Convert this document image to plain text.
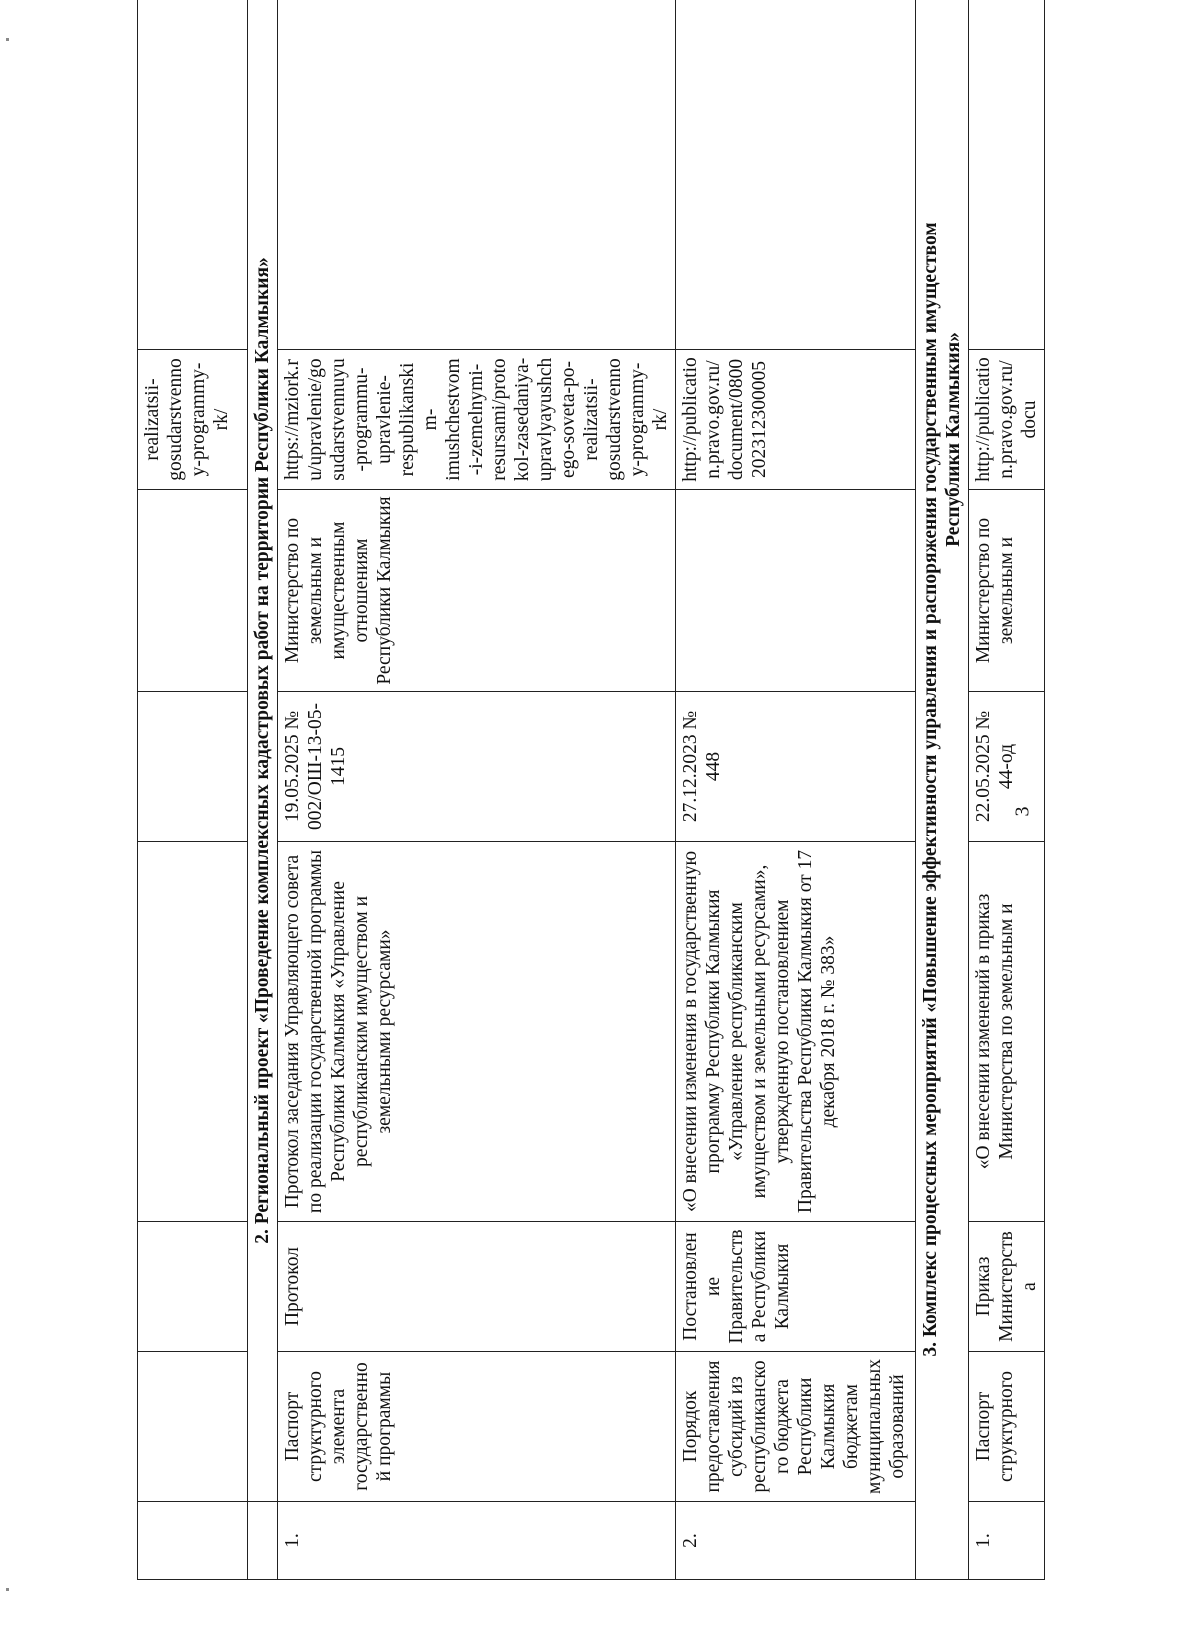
						realizatsii-gosudarstvennoy-programmy-rk/	
	2. Региональный проект «Проведение комплексных кадастровых работ на территории Республики Калмыкия»						
1.	Паспорт структурного элемента государственной программы	Протокол	Протокол заседания Управляющего совета по реализации государственной программы Республики Калмыкия «Управление республиканским имуществом и земельными ресурсами»	19.05.2025 № 002/ОШ-13-05-1415	Министерство по земельным и имущественным отношениям Республики Калмыкия	https://mziork.ru/upravlenie/gosudarstvennuyu-programmu-upravlenie-respublikanskim-imushchestvom-i-zemelnymi-resursami/protokol-zasedaniya-upravlyayushchego-soveta-po-realizatsii-gosudarstvennoy-programmy-rk/	
2.	Порядок предоставления субсидий из республиканского бюджета Республики Калмыкия бюджетам муниципальных образований	Постановление Правительства Республики Калмыкия	«О внесении изменения в государственную программу Республики Калмыкия «Управление республиканским имуществом и земельными ресурсами», утвержденную постановлением Правительства Республики Калмыкия от 17 декабря 2018 г. № 383»	27.12.2023 № 448		http://publication.pravo.gov.ru/document/0800202312300005	

3. Комплекс процессных мероприятий «Повышение эффективности управления и распоряжения государственным имуществом Республики Калмыкия»							

1.	Паспорт структурного	Приказ Министерства	«О внесении изменений в приказ Министерства по земельным и	22.05.2025 № 44-од	Министерство по земельным и	http://publication.pravo.gov.ru/docu	
3
